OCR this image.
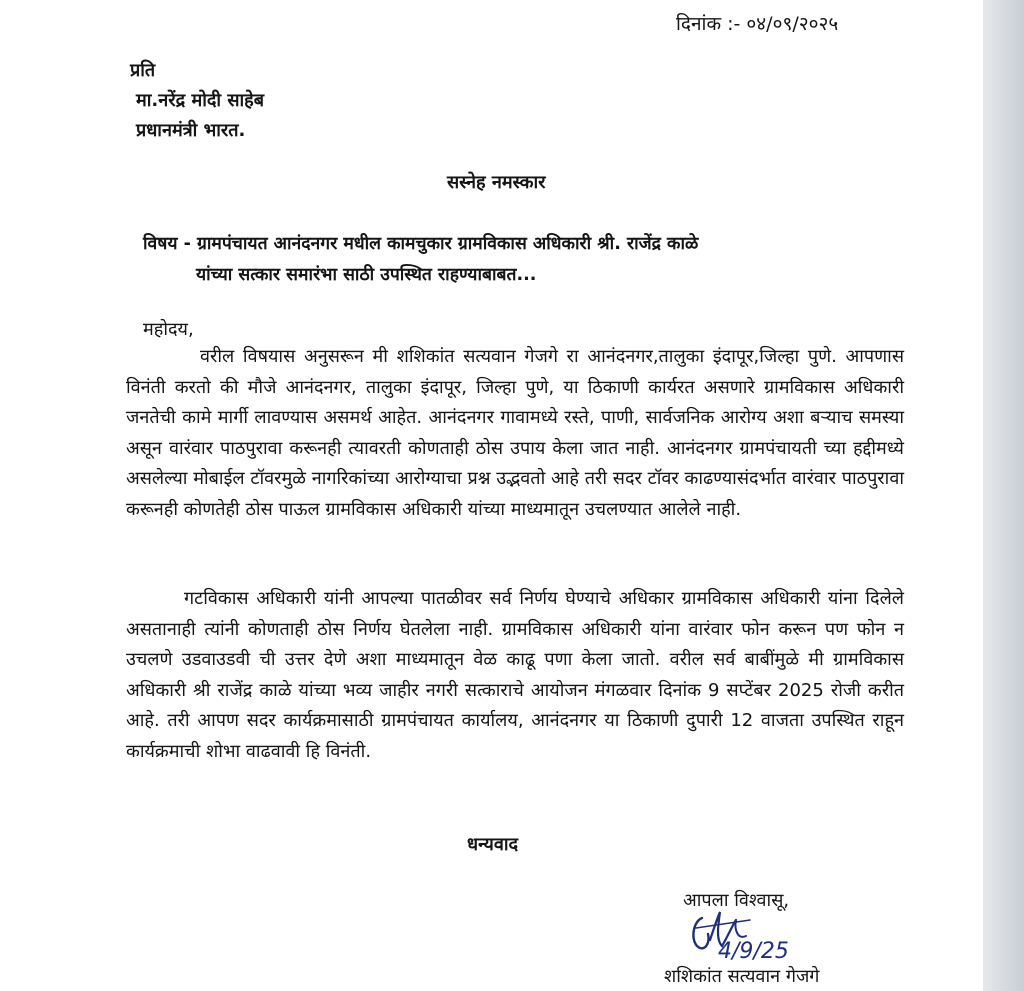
दिनांक :- ०४/०९/२०२५

प्रति

मा.नरेंद्र मोदी साहेब

प्रधानमंत्री भारत.

सस्नेह नमस्कार

विषय - ग्रामपंचायत आनंदनगर मधील कामचुकार ग्रामविकास अधिकारी श्री. राजेंद्र काळे

यांच्या सत्कार समारंभा साठी उपस्थित राहण्याबाबत...

महोदय,

वरील विषयास अनुसरून मी शशिकांत सत्यवान गेजगे रा आनंदनगर,तालुका इंदापूर,जिल्हा पुणे. आपणास विनंती करतो की मौजे आनंदनगर, तालुका इंदापूर, जिल्हा पुणे, या ठिकाणी कार्यरत असणारे ग्रामविकास अधिकारी जनतेची कामे मार्गी लावण्यास असमर्थ आहेत. आनंदनगर गावामध्ये रस्ते, पाणी, सार्वजनिक आरोग्य अशा बऱ्याच समस्या असून वारंवार पाठपुरावा करूनही त्यावरती कोणताही ठोस उपाय केला जात नाही. आनंदनगर ग्रामपंचायती च्या हद्दीमध्ये असलेल्या मोबाईल टॉवरमुळे नागरिकांच्या आरोग्याचा प्रश्न उद्भवतो आहे तरी सदर टॉवर काढण्यासंदर्भात वारंवार पाठपुरावा करूनही कोणतेही ठोस पाऊल ग्रामविकास अधिकारी यांच्या माध्यमातून उचलण्यात आलेले नाही.

गटविकास अधिकारी यांनी आपल्या पातळीवर सर्व निर्णय घेण्याचे अधिकार ग्रामविकास अधिकारी यांना दिलेले असतानाही त्यांनी कोणताही ठोस निर्णय घेतलेला नाही. ग्रामविकास अधिकारी यांना वारंवार फोन करून पण फोन न उचलणे उडवाउडवी ची उत्तर देणे अशा माध्यमातून वेळ काढू पणा केला जातो. वरील सर्व बाबींमुळे मी ग्रामविकास अधिकारी श्री राजेंद्र काळे यांच्या भव्य जाहीर नगरी सत्काराचे आयोजन मंगळवार दिनांक 9 सप्टेंबर 2025 रोजी करीत आहे. तरी आपण सदर कार्यक्रमासाठी ग्रामपंचायत कार्यालय, आनंदनगर या ठिकाणी दुपारी 12 वाजता उपस्थित राहून कार्यक्रमाची शोभा वाढवावी हि विनंती.

धन्यवाद

आपला विश्वासू,

4/9/25

शशिकांत सत्यवान गेजगे
